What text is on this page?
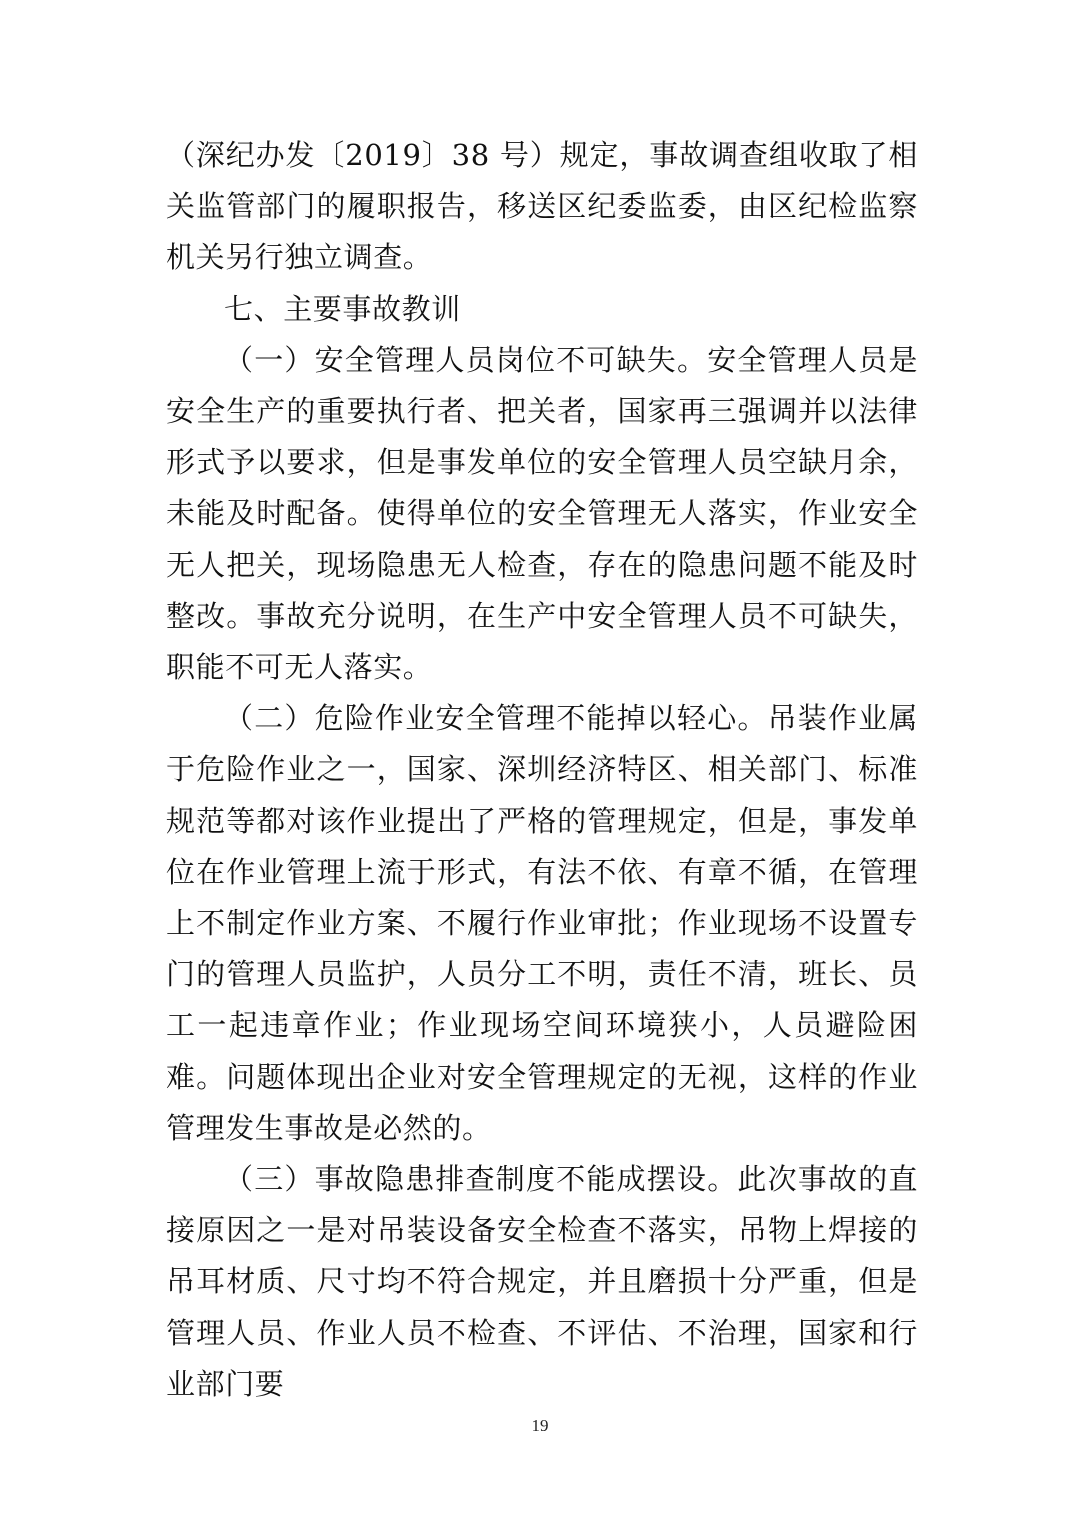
（深纪办发〔2019〕38 号）规定，事故调查组收取了相关监管部门的履职报告，移送区纪委监委，由区纪检监察机关另行独立调查。

七、主要事故教训

（一）安全管理人员岗位不可缺失。安全管理人员是安全生产的重要执行者、把关者，国家再三强调并以法律形式予以要求，但是事发单位的安全管理人员空缺月余，未能及时配备。使得单位的安全管理无人落实，作业安全无人把关，现场隐患无人检查，存在的隐患问题不能及时整改。事故充分说明，在生产中安全管理人员不可缺失，职能不可无人落实。

（二）危险作业安全管理不能掉以轻心。吊装作业属于危险作业之一，国家、深圳经济特区、相关部门、标准规范等都对该作业提出了严格的管理规定，但是，事发单位在作业管理上流于形式，有法不依、有章不循，在管理上不制定作业方案、不履行作业审批；作业现场不设置专门的管理人员监护，人员分工不明，责任不清，班长、员工一起违章作业；作业现场空间环境狭小，人员避险困难。问题体现出企业对安全管理规定的无视，这样的作业管理发生事故是必然的。

（三）事故隐患排查制度不能成摆设。此次事故的直接原因之一是对吊装设备安全检查不落实，吊物上焊接的吊耳材质、尺寸均不符合规定，并且磨损十分严重，但是管理人员、作业人员不检查、不评估、不治理，国家和行业部门要

19
